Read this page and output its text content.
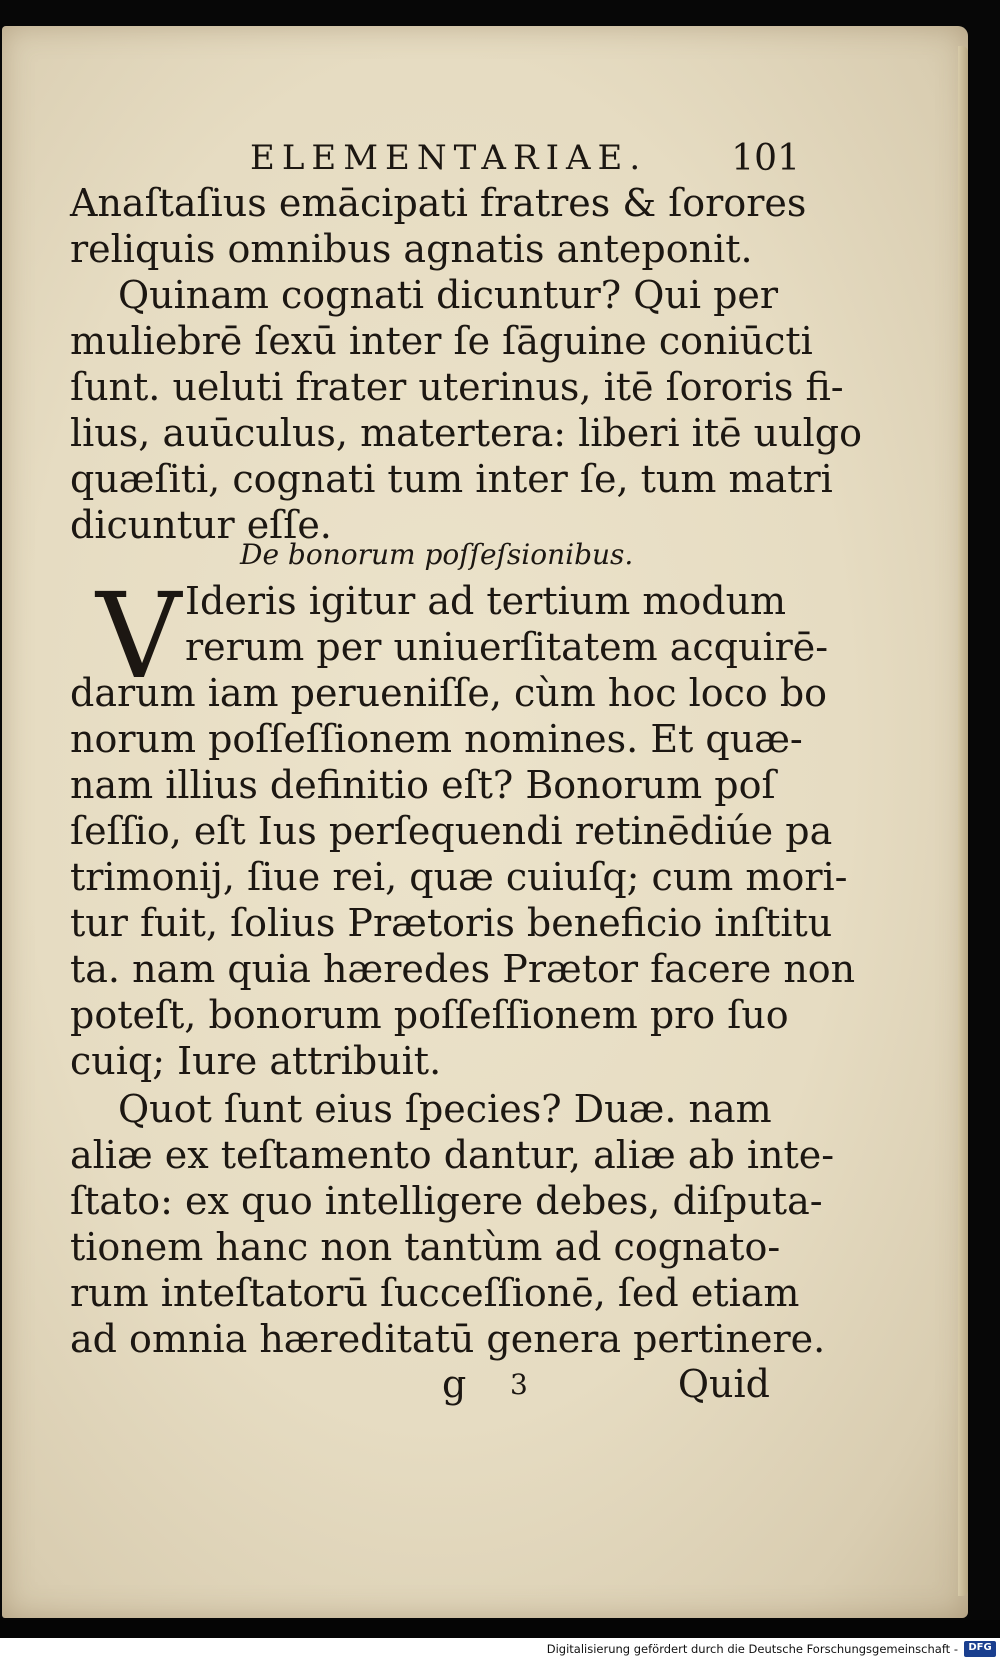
ELEMENTARIAE. 101
Anaſtaſius emācipati fratres & ſorores
reliquis omnibus agnatis anteponit.
Quinam cognati dicuntur? Qui per
muliebrē ſexū inter ſe ſāguine coniūcti
ſunt. ueluti frater uterinus, itē ſororis fi-
lius, auūculus, matertera: liberi itē uulgo
quæſiti, cognati tum inter ſe, tum matri
dicuntur eſſe.
De bonorum poſſeſsionibus.
V Ideris igitur ad tertium modum
rerum per uniuerſitatem acquirē-
darum iam perueniſſe, cùm hoc loco bo
norum poſſeſſionem nomines. Et quæ-
nam illius definitio eſt? Bonorum poſ
ſeſſio, eſt Ius perſequendi retinēdiúe pa
trimonij, ſiue rei, quæ cuiuſq; cum mori-
tur fuit, ſolius Prætoris beneficio inſtitu
ta. nam quia hæredes Prætor facere non
poteſt, bonorum poſſeſſionem pro ſuo
cuiq; Iure attribuit.
Quot ſunt eius ſpecies? Duæ. nam
aliæ ex teſtamento dantur, aliæ ab inte-
ſtato: ex quo intelligere debes, diſputa-
tionem hanc non tantùm ad cognato-
rum inteſtatorū ſucceſſionē, ſed etiam
ad omnia hæreditatū genera pertinere.
g 3	Quid
Digitalisierung gefördert durch die Deutsche Forschungsgemeinschaft -	DFG
